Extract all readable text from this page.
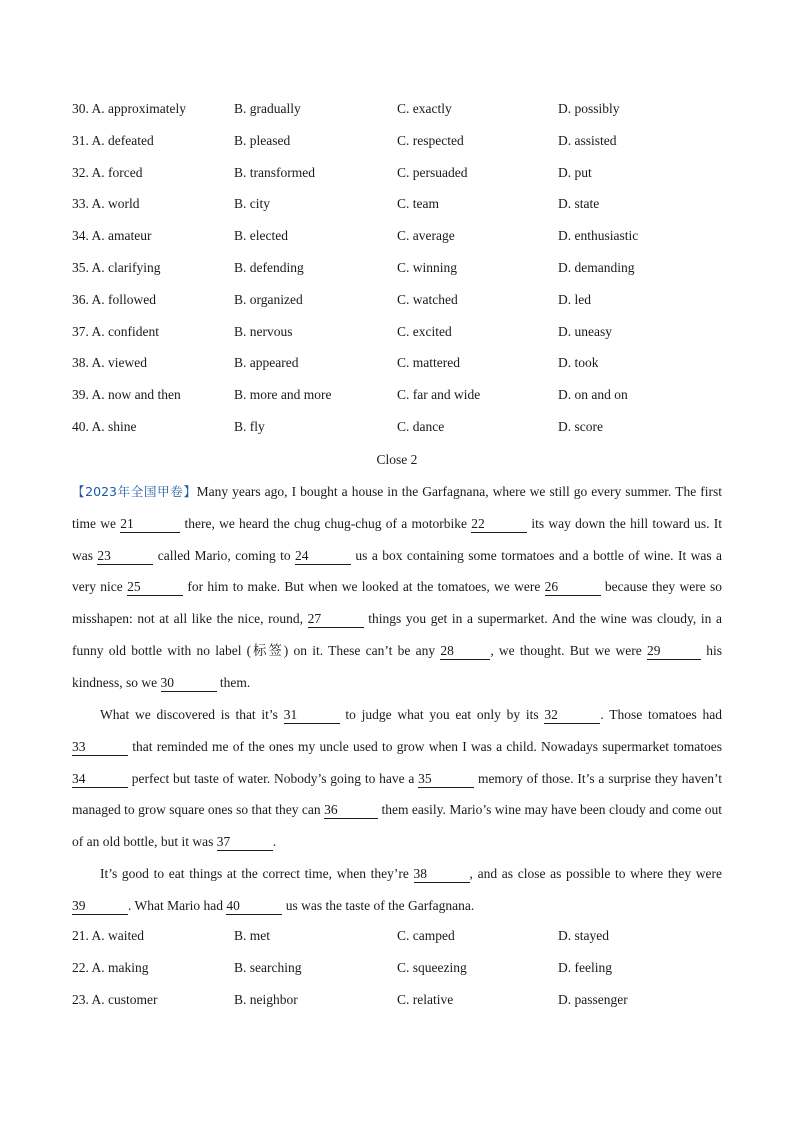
30. A. approximately	B. gradually	C. exactly	D. possibly
31. A. defeated	B. pleased	C. respected	D. assisted
32. A. forced	B. transformed	C. persuaded	D. put
33. A. world	B. city	C. team	D. state
34. A. amateur	B. elected	C. average	D. enthusiastic
35. A. clarifying	B. defending	C. winning	D. demanding
36. A. followed	B. organized	C. watched	D. led
37. A. confident	B. nervous	C. excited	D. uneasy
38. A. viewed	B. appeared	C. mattered	D. took
39. A. now and then	B. more and more	C. far and wide	D. on and on
40. A. shine	B. fly	C. dance	D. score
Close 2

【2023年全国甲卷】Many years ago, I bought a house in the Garfagnana, where we still go every summer. The first time we 21	there, we heard the chug chug-chug of a motorbike 22	its way down the hill toward us. It was 23	called Mario, coming to 24	us a box containing some tormatoes and a bottle of wine. It was a very nice 25	for him to make. But when we looked at the tomatoes, we were 26	because they were so misshapen: not at all like the nice, round, 27	things you get in a supermarket. And the wine was cloudy, in a funny old bottle with no label (标签) on it. These can’t be any 28	, we thought. But we were 29	his kindness, so we 30	them.

What we discovered is that it’s 31	to judge what you eat only by its 32	. Those tomatoes had 33	that reminded me of the ones my uncle used to grow when I was a child. Nowadays supermarket tomatoes 34	perfect but taste of water. Nobody’s going to have a 35	memory of those. It’s a surprise they haven’t managed to grow square ones so that they can 36	them easily. Mario’s wine may have been cloudy and come out of an old bottle, but it was 37	.

It’s good to eat things at the correct time, when they’re 38	, and as close as possible to where they were 39	. What Mario had 40	us was the taste of the Garfagnana.

21. A. waited	B. met	C. camped	D. stayed
22. A. making	B. searching	C. squeezing	D. feeling
23. A. customer	B. neighbor	C. relative	D. passenger
